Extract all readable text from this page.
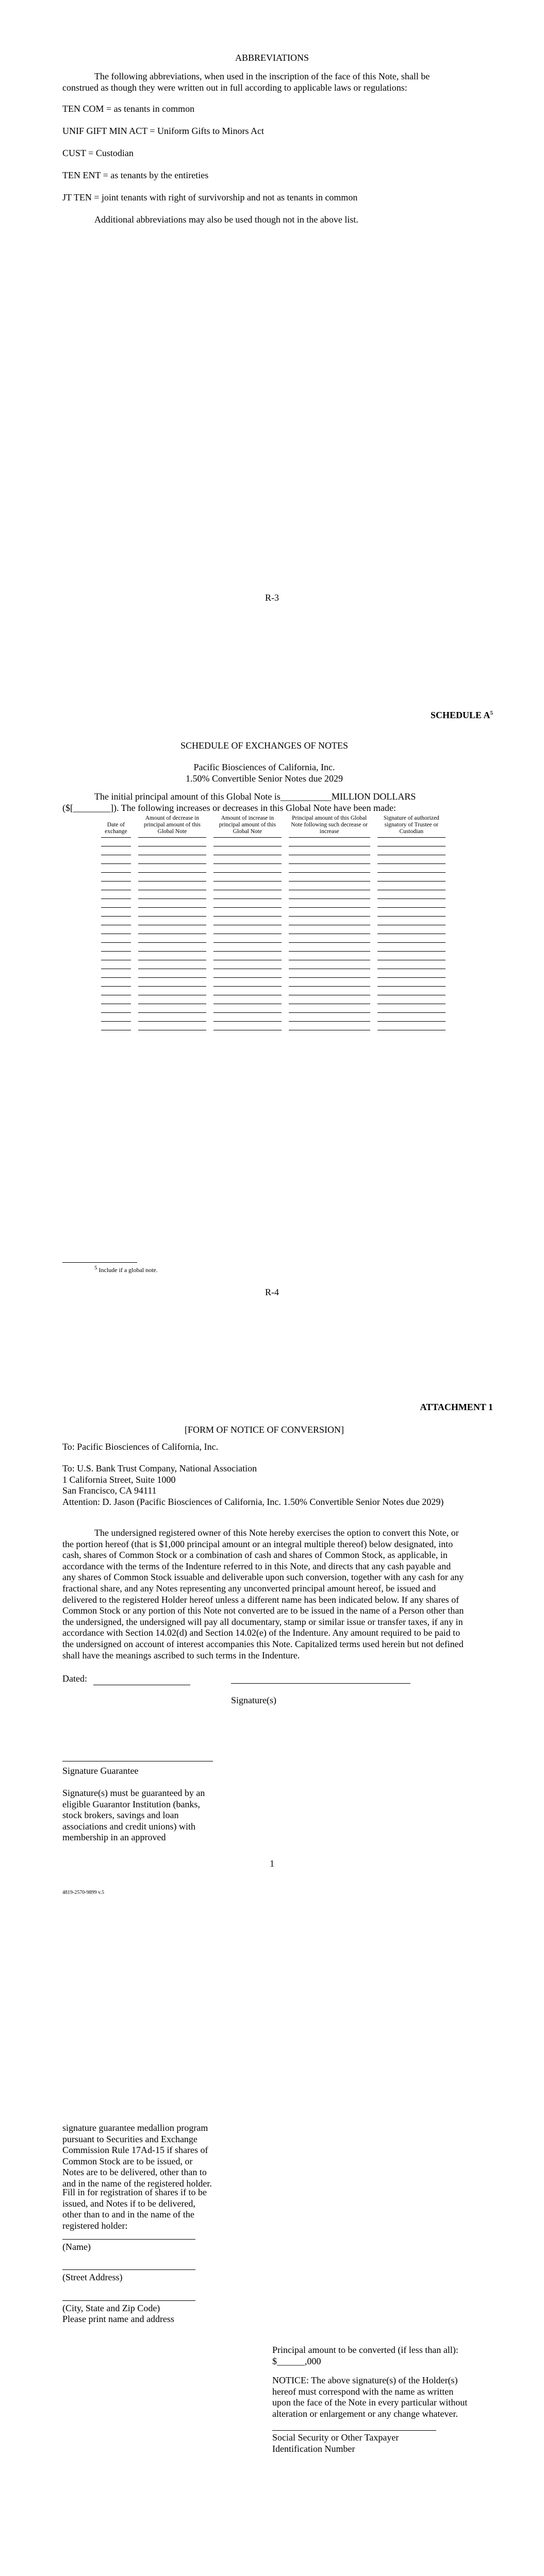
ABBREVIATIONS

The following abbreviations, when used in the inscription of the face of this Note, shall be construed as though they were written out in full according to applicable laws or regulations:

TEN COM = as tenants in common
UNIF GIFT MIN ACT = Uniform Gifts to Minors Act
CUST = Custodian
TEN ENT = as tenants by the entireties
JT TEN = joint tenants with right of survivorship and not as tenants in common
Additional abbreviations may also be used though not in the above list.
R-3
SCHEDULE $A^5$
SCHEDULE OF EXCHANGES OF NOTES
Pacific Biosciences of California, Inc.
1.50% Convertible Senior Notes due 2029

The initial principal amount of this Global Note is___________MILLION DOLLARS ($[________]). The following increases or decreases in this Global Note have been made:

Date of exchange	Amount of decrease in principal amount of this Global Note	Amount of increase in principal amount of this Global Note	Principal amount of this Global Note following such decrease or increase	Signature of authorized signatory of Trustee or Custodian

$^5$ Include if a global note.
R-4
ATTACHMENT 1
[FORM OF NOTICE OF CONVERSION]
To: Pacific Biosciences of California, Inc.
To: U.S. Bank Trust Company, National Association
1 California Street, Suite 1000
San Francisco, CA 94111
Attention: D. Jason (Pacific Biosciences of California, Inc. 1.50% Convertible Senior Notes due 2029)

The undersigned registered owner of this Note hereby exercises the option to convert this Note, or the portion hereof (that is $1,000 principal amount or an integral multiple thereof) below designated, into cash, shares of Common Stock or a combination of cash and shares of Common Stock, as applicable, in accordance with the terms of the Indenture referred to in this Note, and directs that any cash payable and any shares of Common Stock issuable and deliverable upon such conversion, together with any cash for any fractional share, and any Notes representing any unconverted principal amount hereof, be issued and delivered to the registered Holder hereof unless a different name has been indicated below. If any shares of Common Stock or any portion of this Note not converted are to be issued in the name of a Person other than the undersigned, the undersigned will pay all documentary, stamp or similar issue or transfer taxes, if any in accordance with Section 14.02(d) and Section 14.02(e) of the Indenture. Any amount required to be paid to the undersigned on account of interest accompanies this Note. Capitalized terms used herein but not defined shall have the meanings ascribed to such terms in the Indenture.

Dated:
Signature(s)
Signature Guarantee

Signature(s) must be guaranteed by an eligible Guarantor Institution (banks, stock brokers, savings and loan associations and credit unions) with membership in an approved

1
4819-2570-9899 v.5

signature guarantee medallion program pursuant to Securities and Exchange Commission Rule 17Ad-15 if shares of Common Stock are to be issued, or Notes are to be delivered, other than to and in the name of the registered holder.

Fill in for registration of shares if to be issued, and Notes if to be delivered, other than to and in the name of the registered holder:

(Name)
(Street Address)
(City, State and Zip Code)
Please print name and address
Principal amount to be converted (if less than all):
$______,000

NOTICE: The above signature(s) of the Holder(s) hereof must correspond with the name as written upon the face of the Note in every particular without alteration or enlargement or any change whatever.

Social Security or Other Taxpayer
Identification Number
